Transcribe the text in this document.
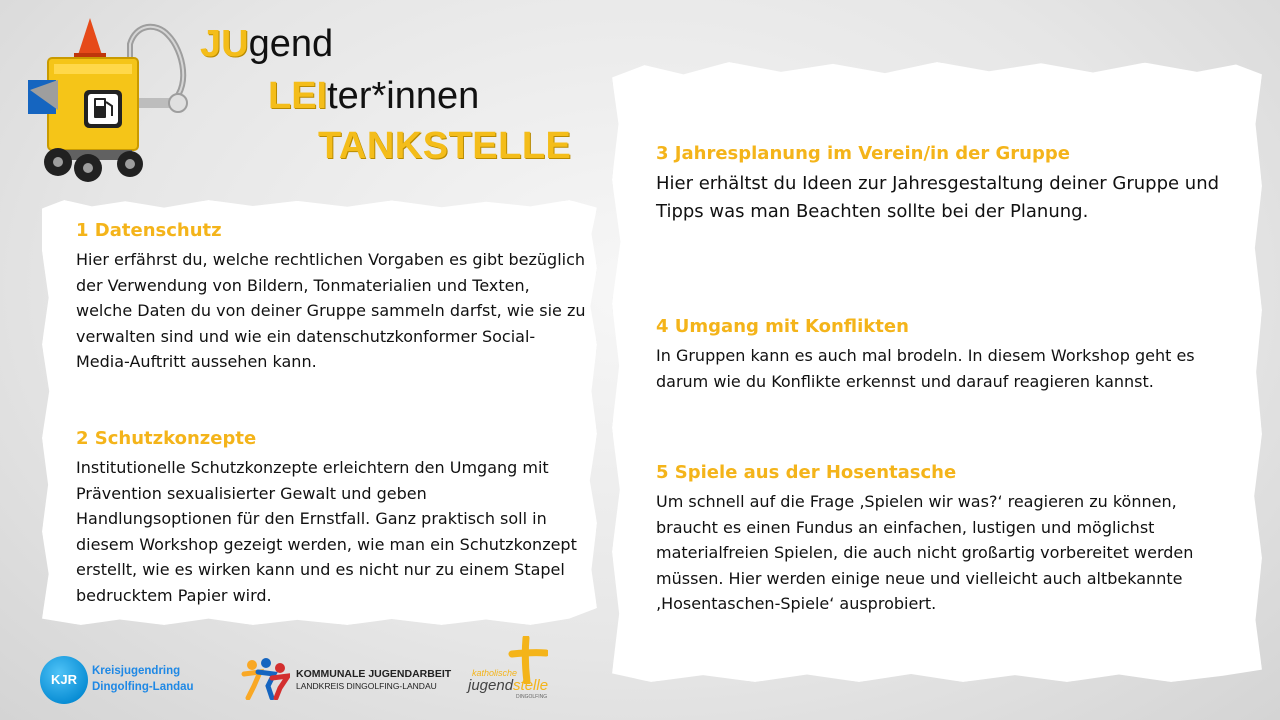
JUgend
LEIter*innen
TANKSTELLE
1 Datenschutz

Hier erfährst du, welche rechtlichen Vorgaben es gibt bezüglich der Verwendung von Bildern, Tonmaterialien und Texten, welche Daten du von deiner Gruppe sammeln darfst, wie sie zu verwalten sind und wie ein datenschutzkonformer Social-Media-Auftritt aussehen kann.

2 Schutzkonzepte

Institutionelle Schutzkonzepte erleichtern den Umgang mit Prävention sexualisierter Gewalt und geben Handlungsoptionen für den Ernstfall. Ganz praktisch soll in diesem Workshop gezeigt werden, wie man ein Schutzkonzept erstellt, wie es wirken kann und es nicht nur zu einem Stapel bedrucktem Papier wird.

3 Jahresplanung im Verein/in der Gruppe

Hier erhältst du Ideen zur Jahresgestaltung deiner Gruppe und Tipps was man Beachten sollte bei der Planung.

4 Umgang mit Konflikten

In Gruppen kann es auch mal brodeln. In diesem Workshop geht es darum wie du Konflikte erkennst und darauf reagieren kannst.

5 Spiele aus der Hosentasche

Um schnell auf die Frage ‚Spielen wir was?‘ reagieren zu können, braucht es einen Fundus an einfachen, lustigen und möglichst materialfreien Spielen, die auch nicht großartig vorbereitet werden müssen. Hier werden einige neue und vielleicht auch altbekannte ‚Hosentaschen-Spiele‘ ausprobiert.

KJR
Kreisjugendring
Dingolfing-Landau
KOMMUNALE JUGENDARBEIT
LANDKREIS DINGOLFING-LANDAU
katholische
jugendstelle
DINGOLFING
